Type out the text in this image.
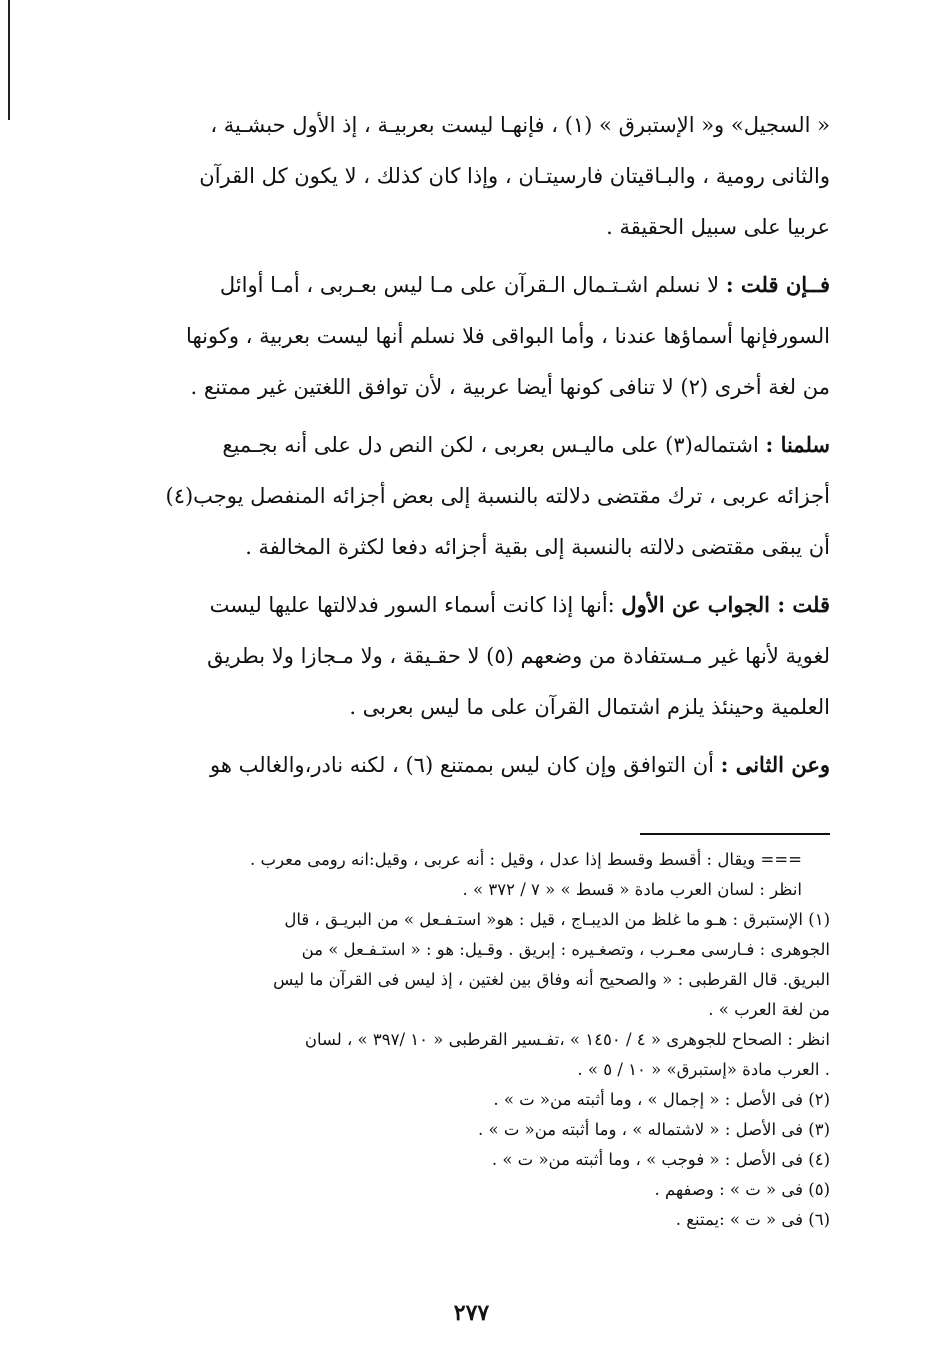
« السجيل» و« الإستبرق » (١) ، فإنهـا ليست بعربيـة ، إذ الأول حبشـية ،
والثانى رومية ، والبـاقيتان فارسيتـان ، وإذا كان كذلك ، لا يكون كل القرآن
عربيا على سبيل الحقيقة .
فــإن قلت : لا نسلم اشـتـمال الـقرآن على مـا ليس بعـربى ، أمـا أوائل
السورفإنها أسماؤها عندنا ، وأما البواقى فلا نسلم أنها ليست بعربية ، وكونها
من لغة أخرى (٢) لا تنافى كونها أيضا عربية ، لأن توافق اللغتين غير ممتنع .
سلمنا : اشتماله(٣) على ماليـس بعربى ، لكن النص دل على أنه بجـميع
أجزائه عربى ، ترك مقتضى دلالته بالنسبة إلى بعض أجزائه المنفصل يوجب(٤)
أن يبقى مقتضى دلالته بالنسبة إلى بقية أجزائه دفعا لكثرة المخالفة .
قلت : الجواب عن الأول :أنها إذا كانت أسماء السور فدلالتها عليها ليست
لغوية لأنها غير مـستفادة من وضعهم (٥) لا حقـيقة ، ولا مـجازا ولا بطريق
العلمية وحينئذ يلزم اشتمال القرآن على ما ليس بعربى .
وعن الثانى : أن التوافق وإن كان ليس بممتنع (٦) ، لكنه نادر،والغالب هو
=== ويقال : أقسط وقسط إذا عدل ، وقيل : أنه عربى ، وقيل:انه رومى معرب .
انظر : لسان العرب مادة « قسط » « ٧ / ٣٧٢ » .
(١) الإستبرق : هـو ما غلظ من الديبـاج ، قيل : هو« استـفـعل » من البريـق ، قال
الجوهرى : فـارسى معـرب ، وتصغـيره : إبريق . وقـيل: هو : « استـفـعل » من
البريق. قال القرطبى : « والصحيح أنه وفاق بين لغتين ، إذ ليس فى القرآن ما ليس
من لغة العرب » .
انظر : الصحاح للجوهرى « ٤ / ١٤٥٠ » ،تفـسير القرطبى « ١٠ /٣٩٧ » ، لسان
. العرب مادة «إستبرق» « ١٠ / ٥ » .
(٢) فى الأصل : « إجمال » ، وما أثبته من« ت » .
(٣) فى الأصل : « لاشتماله » ، وما أثبته من« ت » .
(٤) فى الأصل : « فوجب » ، وما أثبته من« ت » .
(٥) فى « ت » : وصفهم .
(٦) فى « ت » :يمتنع .
٢٧٧
